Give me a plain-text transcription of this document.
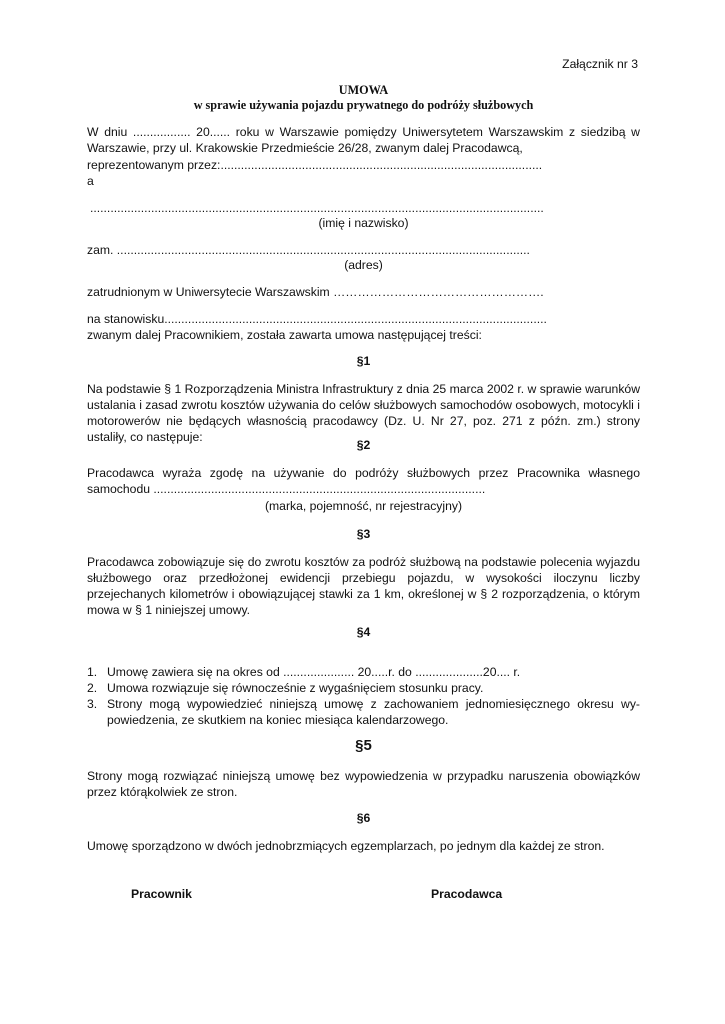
Załącznik nr 3

UMOWA

w sprawie używania pojazdu prywatnego do podróży służbowych

W dniu ................. 20...... roku w Warszawie pomiędzy Uniwersytetem Warszawskim z siedzibą w Warszawie, przy ul. Krakowskie Przedmieście 26/28, zwanym dalej Pracodawcą,

reprezentowanym przez:...............................................................................................

a

......................................................................................................................................

(imię i nazwisko)

zam. ..........................................................................................................................

(adres)

zatrudnionym w Uniwersytecie Warszawskim …………………………………………….

na stanowisku.................................................................................................................

zwanym dalej Pracownikiem, została zawarta umowa następującej treści:

§1

Na podstawie § 1 Rozporządzenia Ministra Infrastruktury z dnia 25 marca 2002 r. w sprawie warunków ustalania i zasad zwrotu kosztów używania do celów służbowych samochodów osobowych, motocykli i motorowerów nie będących własnością pracodawcy (Dz. U. Nr 27, poz. 271 z późn. zm.) strony ustaliły, co następuje:

§2

Pracodawca wyraża zgodę na używanie do podróży służbowych przez Pracownika własnego samochodu ..................................................................................................

(marka, pojemność, nr rejestracyjny)

§3

Pracodawca zobowiązuje się do zwrotu kosztów za podróż służbową na podstawie polecenia wyjazdu służbowego oraz przedłożonej ewidencji przebiegu pojazdu, w wysokości iloczynu liczby przejechanych kilometrów i obowiązującej stawki za 1 km, określonej w § 2 rozporządzenia, o którym mowa w § 1 niniejszej umowy.

§4

1. Umowę zawiera się na okres od ..................... 20.....r. do ....................20.... r.
2. Umowa rozwiązuje się równocześnie z wygaśnięciem stosunku pracy.
3. Strony mogą wypowiedzieć niniejszą umowę z zachowaniem jednomiesięcznego okresu wy-powiedzenia, ze skutkiem na koniec miesiąca kalendarzowego.

§5

Strony mogą rozwiązać niniejszą umowę bez wypowiedzenia w przypadku naruszenia obowiązków przez którąkolwiek ze stron.

§6

Umowę sporządzono w dwóch jednobrzmiących egzemplarzach, po jednym dla każdej ze stron.

Pracownik	Pracodawca
